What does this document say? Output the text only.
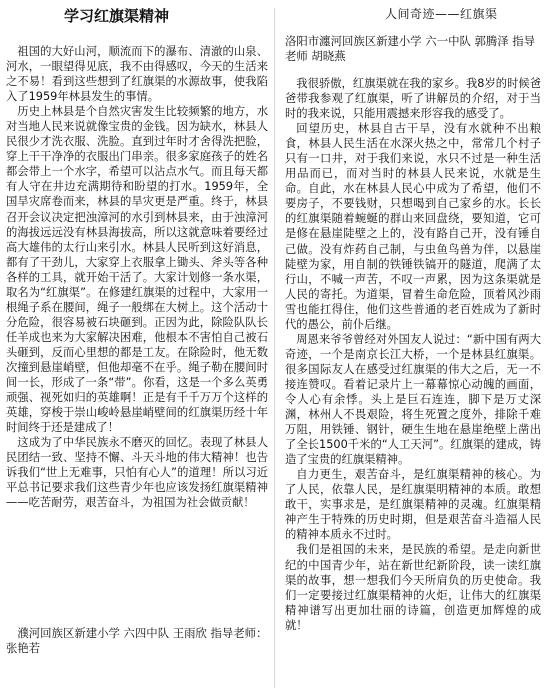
学习红旗渠精神

祖国的大好山河，顺流而下的瀑布、清澈的山泉、河水，一眼望得见底，我不由得感叹，今天的生活来之不易！看到这些想到了红旗渠的水源故事，使我陷入了1959年林县发生的事情。

历史上林县是个自然灾害发生比较频繁的地方，水对当地人民来说就像宝贵的金钱。因为缺水，林县人民很少才洗衣服、洗脸。直到过年时才舍得洗把脸，穿上干干净净的衣服出门串亲。很多家庭孩子的姓名都会带上一个水字，希望可以沾点水气。而且每天都有人守在井边充满期待和盼望的打水。1959年，全国旱灾席卷而来，林县的旱灾更是严重。终于，林县召开会议决定把浊漳河的水引到林县来，由于浊漳河的海拔远远没有林县海拔高，所以这就意味着要经过高大雄伟的太行山来引水。林县人民听到这好消息，都有了干劲儿，大家穿上衣服拿上锄头、斧头等各种各样的工具，就开始干活了。大家计划修一条水渠，取名为“红旗渠”。在修建红旗渠的过程中，大家用一根绳子系在腰间，绳子一般绑在大树上。这个活动十分危险，很容易被石块砸到。正因为此，除险队队长任羊成也来为大家解决困难，他根本不害怕自己被石头砸到，反而心里想的都是工友。在除险时，他无数次撞到悬崖峭壁，但他却毫不在乎。绳子勒在腰间时间一长，形成了一条“带”。你看，这是一个多么英勇顽强、视死如归的英雄啊！正是有千千万万个这样的英雄，穿梭于崇山峻岭悬崖峭壁间的红旗渠历经十年时间终于还是建成了！

这成为了中华民族永不磨灭的回忆。表现了林县人民团结一致、坚持不懈、斗天斗地的伟大精神！也告诉我们“世上无难事，只怕有心人”的道理！所以习近平总书记要求我们这些青少年也应该发扬红旗渠精神——吃苦耐劳，艰苦奋斗，为祖国为社会做贡献！

濮河回族区新建小学 六四中队 王雨欣 指导老师：张艳若
人间奇迹——红旗渠
洛阳市瀍河回族区新建小学 六一中队 郭腾泽 指导老师 胡晓燕

我很骄傲，红旗渠就在我的家乡。我8岁的时候爸爸带我参观了红旗渠，听了讲解员的介绍，对于当时的我来说，只能用震撼来形容我的感受了。

回望历史，林县自古干旱，没有水就种不出粮食，林县人民生活在水深火热之中，常常几个村子只有一口井，对于我们来说，水只不过是一种生活用品而已，而对当时的林县人民来说，水就是生命。自此，水在林县人民心中成为了希望，他们不要房子，不要钱财，只想喝到自己家乡的水。长长的红旗渠随着蜿蜒的群山来回盘绕，要知道，它可是修在悬崖陡壁之上的，没有路自己开，没有锤自己做。没有炸药自己制，与虫鱼鸟兽为伴，以悬崖陡壁为家，用自制的铁锤铁镐开的隧道，爬满了太行山，不喊一声苦，不叹一声累，因为这条渠就是人民的寄托。为道渠，冒着生命危险，顶着风沙雨雪也能扛得住，他们这些普通的老百姓成为了新时代的愚公，前仆后继。

周恩来爷爷曾经对外国友人说过：“新中国有两大奇迹，一个是南京长江大桥，一个是林县红旗渠。很多国际友人在感受过红旗渠的伟大之后，无一不接连赞叹。看着记录片上一幕幕惊心动魄的画面，令人心有余悸。头上是巨石连连，脚下是万丈深渊，林州人不畏艰险，将生死置之度外，排除千难万阻，用铁锤、钢针，硬生生地在悬崖绝壁上凿出了全长1500千米的“人工天河”。红旗渠的建成，铸造了宝贵的红旗渠精神。

自力更生，艰苦奋斗，是红旗渠精神的核心。为了人民，依靠人民，是红旗渠明精神的本质。敢想敢干，实事求是，是红旗渠精神的灵魂。红旗渠精神产生于特殊的历史时期，但是艰苦奋斗造福人民的精神本质永不过时。

我们是祖国的未来，是民族的希望。是走向新世纪的中国青少年，站在新世纪新阶段，读一读红旗渠的故事，想一想我们今天所肩负的历史使命。我们一定要接过红旗渠精神的火炬，让伟大的红旗渠精神谱写出更加壮丽的诗篇，创造更加辉煌的成就！
